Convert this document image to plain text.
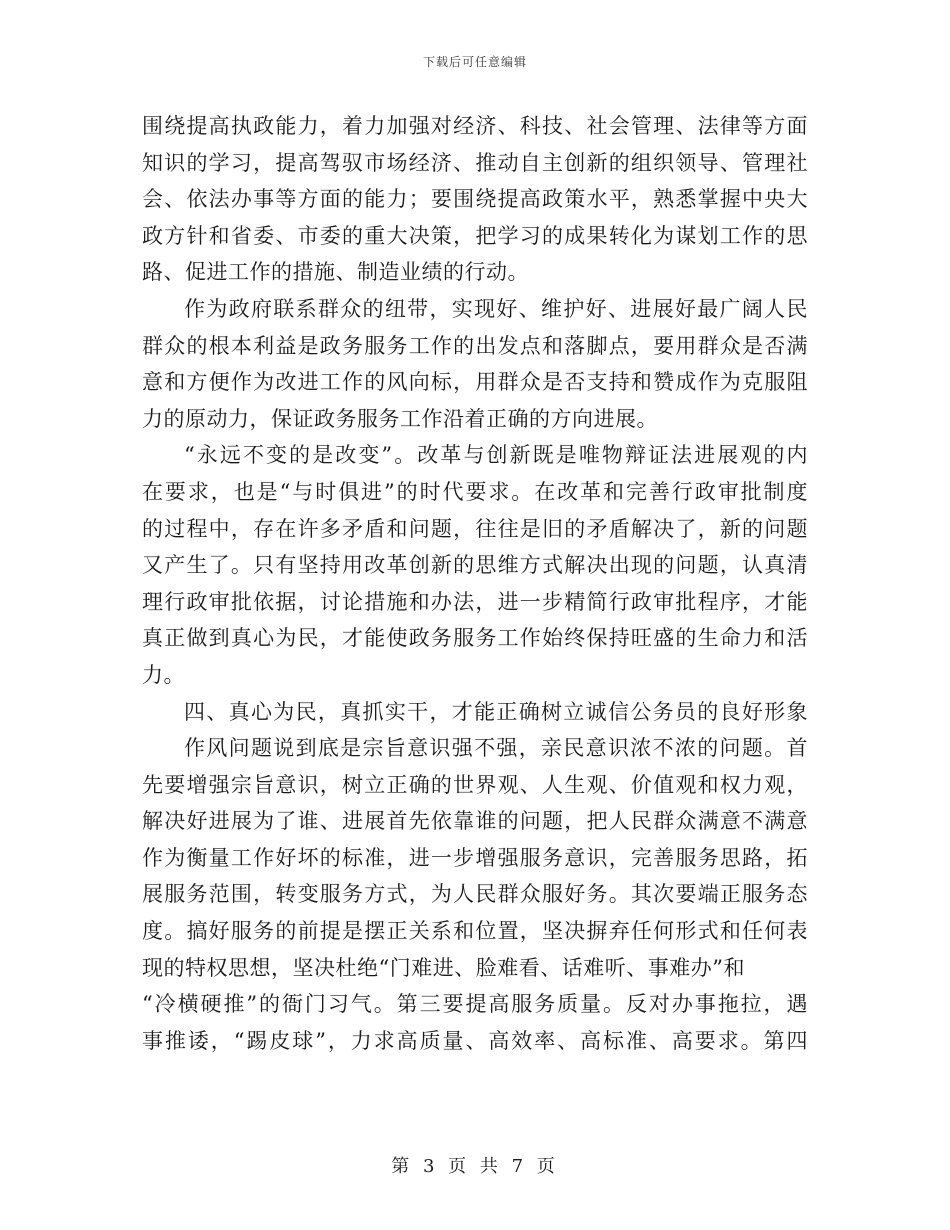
下载后可任意编辑
围绕提高执政能力，着力加强对经济、科技、社会管理、法律等方面
知识的学习，提高驾驭市场经济、推动自主创新的组织领导、管理社
会、依法办事等方面的能力；要围绕提高政策水平，熟悉掌握中央大
政方针和省委、市委的重大决策，把学习的成果转化为谋划工作的思
路、促进工作的措施、制造业绩的行动。
作为政府联系群众的纽带，实现好、维护好、进展好最广阔人民
群众的根本利益是政务服务工作的出发点和落脚点，要用群众是否满
意和方便作为改进工作的风向标，用群众是否支持和赞成作为克服阻
力的原动力，保证政务服务工作沿着正确的方向进展。
“永远不变的是改变”。改革与创新既是唯物辩证法进展观的内
在要求，也是“与时俱进”的时代要求。在改革和完善行政审批制度
的过程中，存在许多矛盾和问题，往往是旧的矛盾解决了，新的问题
又产生了。只有坚持用改革创新的思维方式解决出现的问题，认真清
理行政审批依据，讨论措施和办法，进一步精简行政审批程序，才能
真正做到真心为民，才能使政务服务工作始终保持旺盛的生命力和活
力。
四、真心为民，真抓实干，才能正确树立诚信公务员的良好形象
作风问题说到底是宗旨意识强不强，亲民意识浓不浓的问题。首
先要增强宗旨意识，树立正确的世界观、人生观、价值观和权力观，
解决好进展为了谁、进展首先依靠谁的问题，把人民群众满意不满意
作为衡量工作好坏的标准，进一步增强服务意识，完善服务思路，拓
展服务范围，转变服务方式，为人民群众服好务。其次要端正服务态
度。搞好服务的前提是摆正关系和位置，坚决摒弃任何形式和任何表
现的特权思想，坚决杜绝“门难进、脸难看、话难听、事难办”和
“冷横硬推”的衙门习气。第三要提高服务质量。反对办事拖拉，遇
事推诿，“踢皮球”，力求高质量、高效率、高标准、高要求。第四
第 3 页 共 7 页
